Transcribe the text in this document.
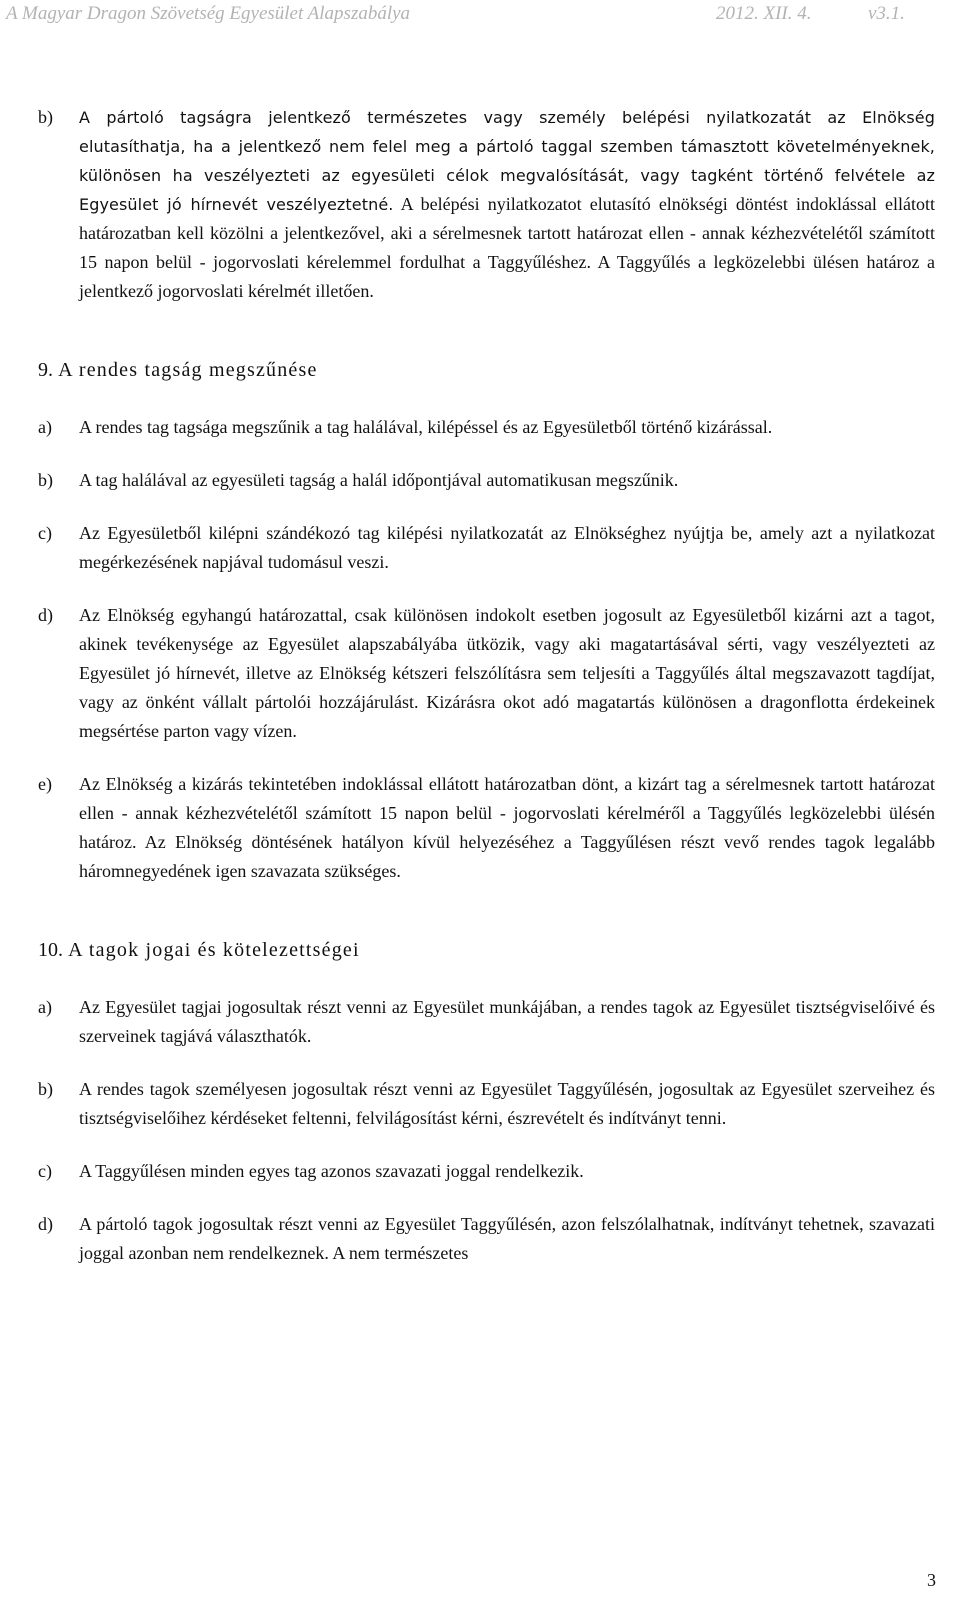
A Magyar Dragon Szövetség Egyesület Alapszabálya	2012. XII. 4.	v3.1.
b) A pártoló tagságra jelentkező természetes vagy személy belépési nyilatkozatát az Elnökség elutasíthatja, ha a jelentkező nem felel meg a pártoló taggal szemben támasztott követelményeknek, különösen ha veszélyezteti az egyesületi célok megvalósítását, vagy tagként történő felvétele az Egyesület jó hírnevét veszélyeztetné. A belépési nyilatkozatot elutasító elnökségi döntést indoklással ellátott határozatban kell közölni a jelentkezővel, aki a sérelmesnek tartott határozat ellen - annak kézhezvételétől számított 15 napon belül - jogorvoslati kérelemmel fordulhat a Taggyűléshez. A Taggyűlés a legközelebbi ülésen határoz a jelentkező jogorvoslati kérelmét illetően.
9. A rendes tagság megszűnése
a) A rendes tag tagsága megszűnik a tag halálával, kilépéssel és az Egyesületből történő kizárással.
b) A tag halálával az egyesületi tagság a halál időpontjával automatikusan megszűnik.
c) Az Egyesületből kilépni szándékozó tag kilépési nyilatkozatát az Elnökséghez nyújtja be, amely azt a nyilatkozat megérkezésének napjával tudomásul veszi.
d) Az Elnökség egyhangú határozattal, csak különösen indokolt esetben jogosult az Egyesületből kizárni azt a tagot, akinek tevékenysége az Egyesület alapszabályába ütközik, vagy aki magatartásával sérti, vagy veszélyezteti az Egyesület jó hírnevét, illetve az Elnökség kétszeri felszólításra sem teljesíti a Taggyűlés által megszavazott tagdíjat, vagy az önként vállalt pártolói hozzájárulást. Kizárásra okot adó magatartás különösen a dragonflotta érdekeinek megsértése parton vagy vízen.
e) Az Elnökség a kizárás tekintetében indoklással ellátott határozatban dönt, a kizárt tag a sérelmesnek tartott határozat ellen - annak kézhezvételétől számított 15 napon belül - jogorvoslati kérelméről a Taggyűlés legközelebbi ülésén határoz. Az Elnökség döntésének hatályon kívül helyezéséhez a Taggyűlésen részt vevő rendes tagok legalább háromnegyedének igen szavazata szükséges.
10. A tagok jogai és kötelezettségei
a) Az Egyesület tagjai jogosultak részt venni az Egyesület munkájában, a rendes tagok az Egyesület tisztségviselőivé és szerveinek tagjává választhatók.
b) A rendes tagok személyesen jogosultak részt venni az Egyesület Taggyűlésén, jogosultak az Egyesület szerveihez és tisztségviselőihez kérdéseket feltenni, felvilágosítást kérni, észrevételt és indítványt tenni.
c) A Taggyűlésen minden egyes tag azonos szavazati joggal rendelkezik.
d) A pártoló tagok jogosultak részt venni az Egyesület Taggyűlésén, azon felszólalhatnak, indítványt tehetnek, szavazati joggal azonban nem rendelkeznek. A nem természetes
3
